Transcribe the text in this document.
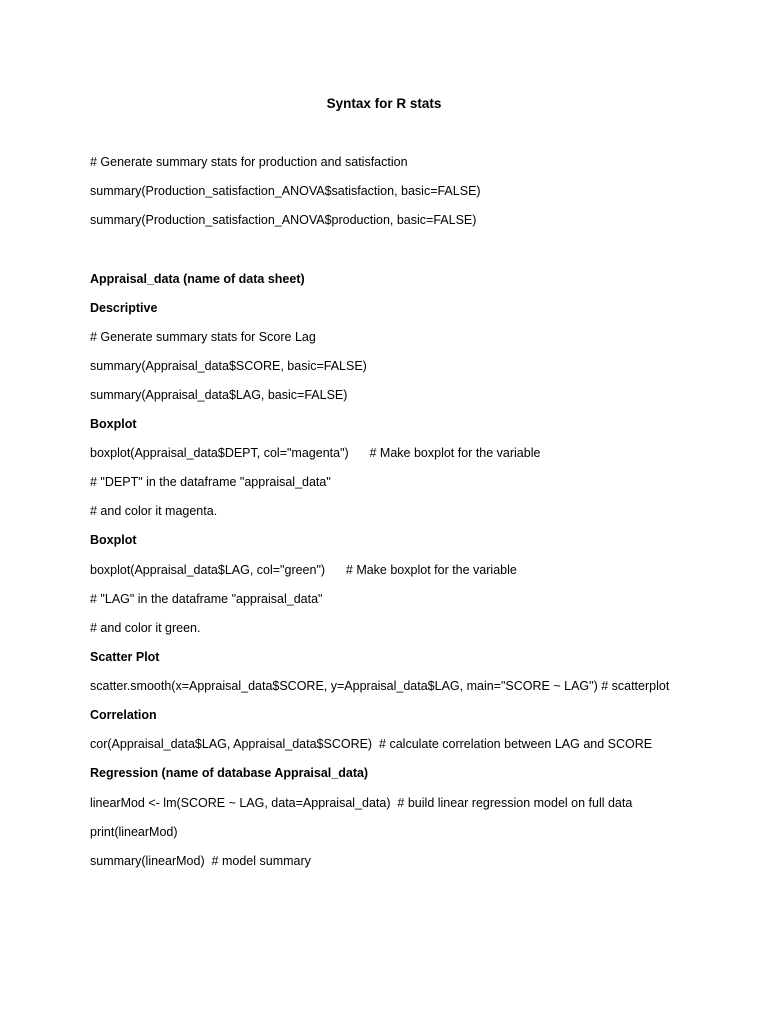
Syntax for R stats
# Generate summary stats for production and satisfaction
summary(Production_satisfaction_ANOVA$satisfaction, basic=FALSE)
summary(Production_satisfaction_ANOVA$production, basic=FALSE)
Appraisal_data (name of data sheet)
Descriptive
# Generate summary stats for Score Lag
summary(Appraisal_data$SCORE, basic=FALSE)
summary(Appraisal_data$LAG, basic=FALSE)
Boxplot
boxplot(Appraisal_data$DEPT, col="magenta")      # Make boxplot for the variable
# "DEPT" in the dataframe "appraisal_data"
# and color it magenta.
Boxplot
boxplot(Appraisal_data$LAG, col="green")      # Make boxplot for the variable
# "LAG" in the dataframe "appraisal_data"
# and color it green.
Scatter Plot
scatter.smooth(x=Appraisal_data$SCORE, y=Appraisal_data$LAG, main="SCORE ~ LAG") # scatterplot
Correlation
cor(Appraisal_data$LAG, Appraisal_data$SCORE)  # calculate correlation between LAG and SCORE
Regression (name of database Appraisal_data)
linearMod <- lm(SCORE ~ LAG, data=Appraisal_data)  # build linear regression model on full data
print(linearMod)
summary(linearMod)  # model summary
